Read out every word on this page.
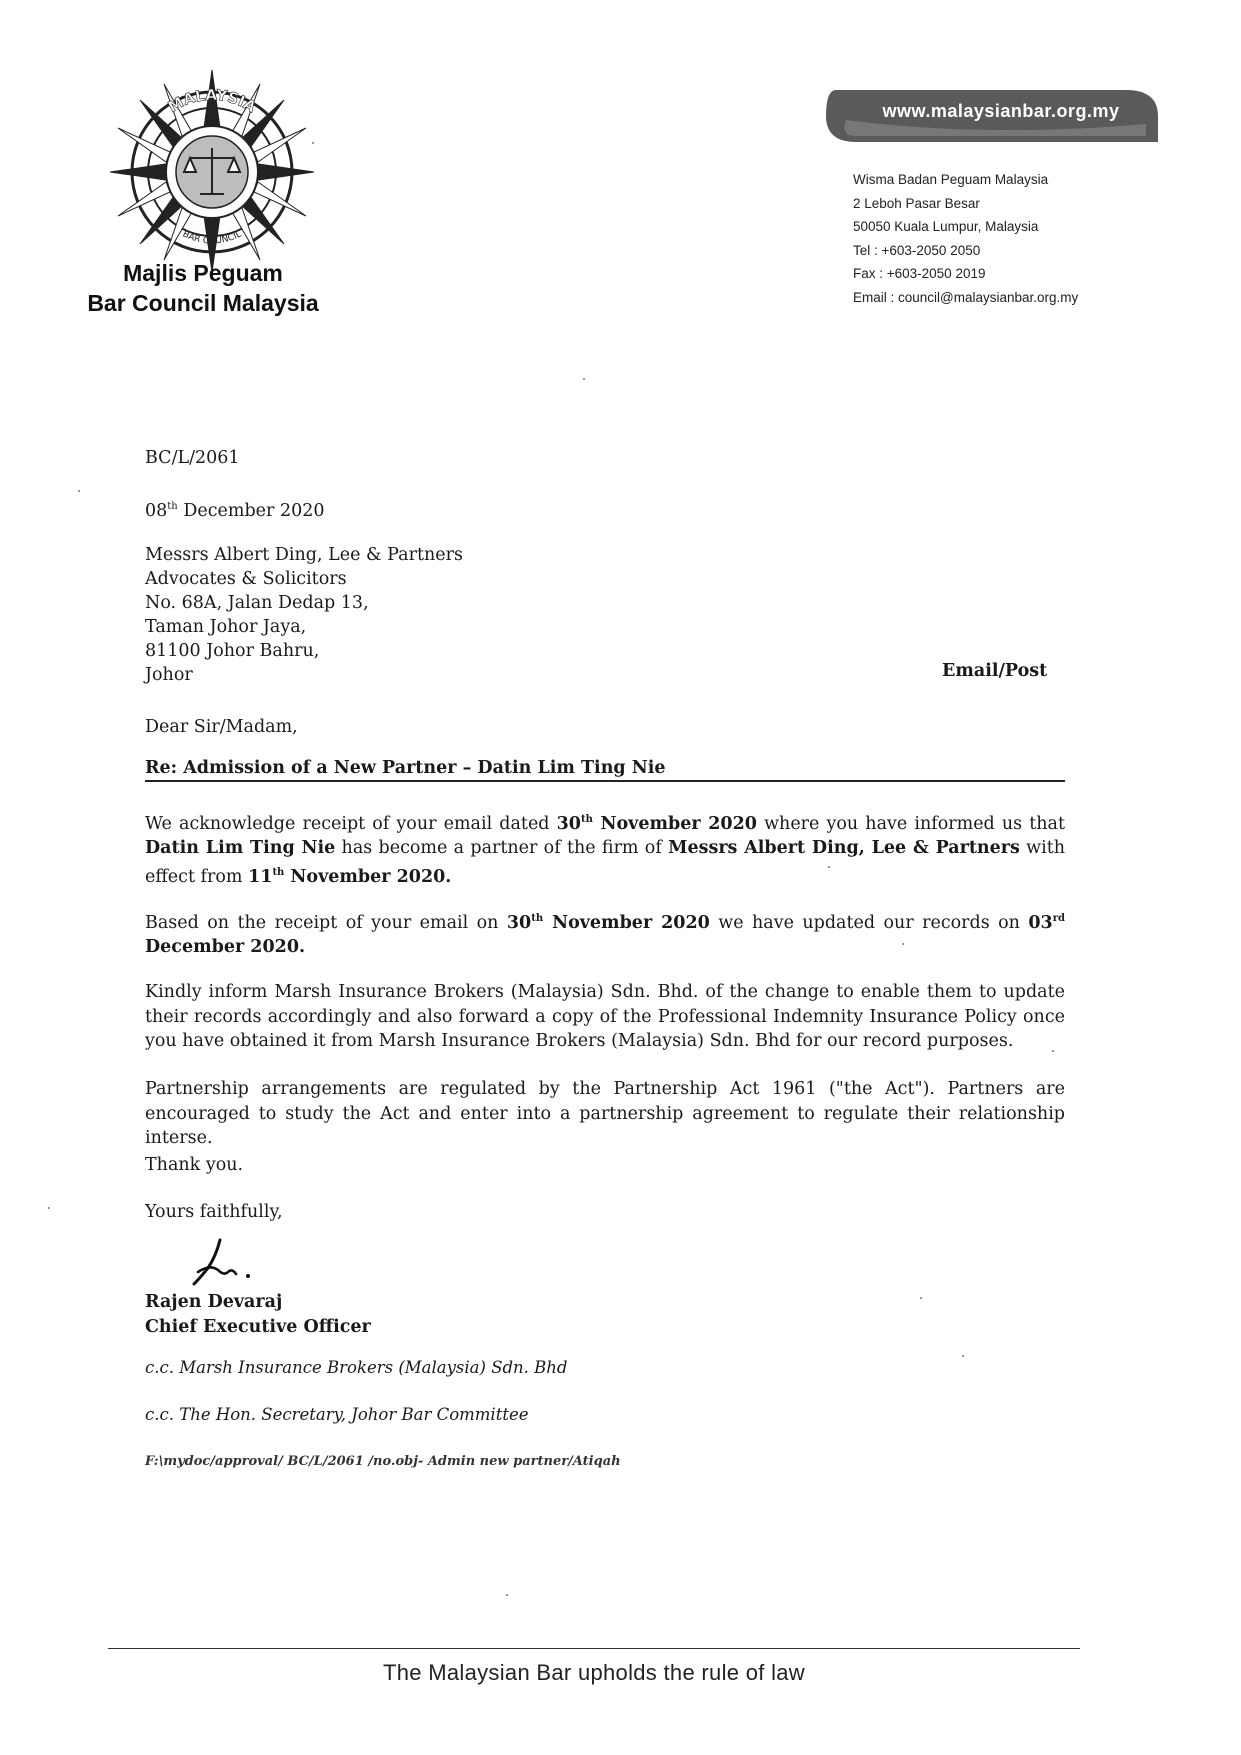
MALAYSIA
BAR COUNCIL
Majlis Peguam
Bar Council Malaysia
www.malaysianbar.org.my
Wisma Badan Peguam Malaysia
2 Leboh Pasar Besar
50050 Kuala Lumpur, Malaysia
Tel : +603-2050 2050
Fax : +603-2050 2019
Email : council@malaysianbar.org.my
BC/L/2061
08th December 2020
Messrs Albert Ding, Lee & Partners
Advocates & Solicitors
No. 68A, Jalan Dedap 13,
Taman Johor Jaya,
81100 Johor Bahru,
Johor	Email/Post
Dear Sir/Madam,
Re: Admission of a New Partner – Datin Lim Ting Nie
We acknowledge receipt of your email dated 30th November 2020 where you have informed us that Datin Lim Ting Nie has become a partner of the firm of Messrs Albert Ding, Lee & Partners with effect from 11th November 2020.
Based on the receipt of your email on 30th November 2020 we have updated our records on 03rd December 2020.
Kindly inform Marsh Insurance Brokers (Malaysia) Sdn. Bhd. of the change to enable them to update their records accordingly and also forward a copy of the Professional Indemnity Insurance Policy once you have obtained it from Marsh Insurance Brokers (Malaysia) Sdn. Bhd for our record purposes.
Partnership arrangements are regulated by the Partnership Act 1961 ("the Act"). Partners are encouraged to study the Act and enter into a partnership agreement to regulate their relationship interse.
Thank you.
Yours faithfully,
Rajen Devaraj
Chief Executive Officer
c.c. Marsh Insurance Brokers (Malaysia) Sdn. Bhd
c.c. The Hon. Secretary, Johor Bar Committee
F:\mydoc/approval/ BC/L/2061 /no.obj- Admin new partner/Atiqah
The Malaysian Bar upholds the rule of law
